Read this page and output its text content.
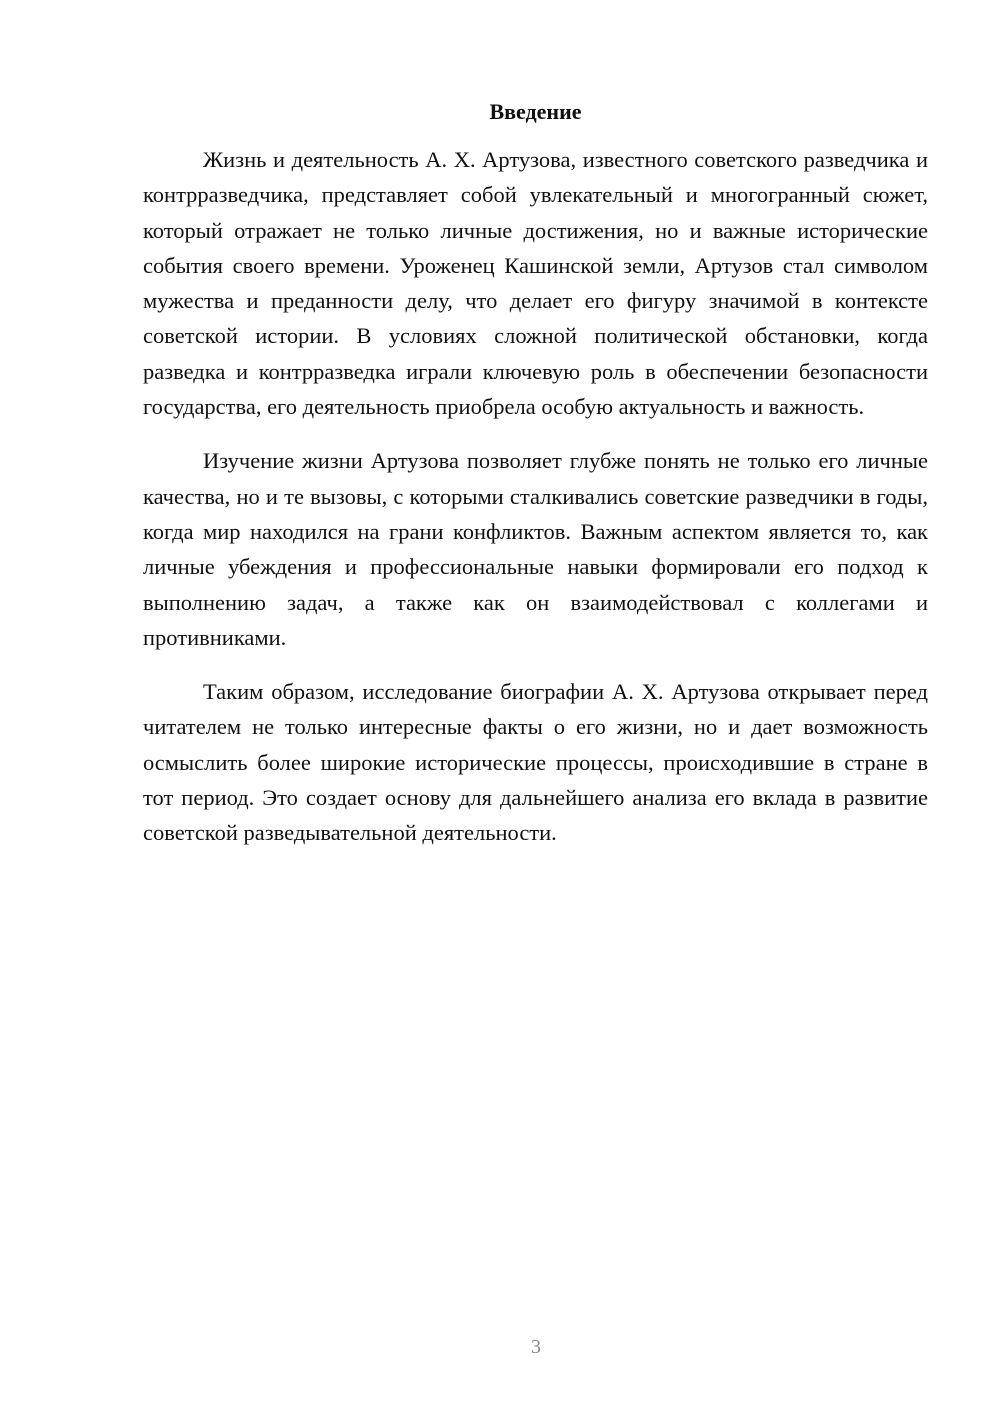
Введение

Жизнь и деятельность А. Х. Артузова, известного советского разведчика и контрразведчика, представляет собой увлекательный и многогранный сюжет, который отражает не только личные достижения, но и важные исторические события своего времени. Уроженец Кашинской земли, Артузов стал символом мужества и преданности делу, что делает его фигуру значимой в контексте советской истории. В условиях сложной политической обстановки, когда разведка и контрразведка играли ключевую роль в обеспечении безопасности государства, его деятельность приобрела особую актуальность и важность.

Изучение жизни Артузова позволяет глубже понять не только его личные качества, но и те вызовы, с которыми сталкивались советские разведчики в годы, когда мир находился на грани конфликтов. Важным аспектом является то, как личные убеждения и профессиональные навыки формировали его подход к выполнению задач, а также как он взаимодействовал с коллегами и противниками.

Таким образом, исследование биографии А. Х. Артузова открывает перед читателем не только интересные факты о его жизни, но и дает возможность осмыслить более широкие исторические процессы, происходившие в стране в тот период. Это создает основу для дальнейшего анализа его вклада в развитие советской разведывательной деятельности.

3
